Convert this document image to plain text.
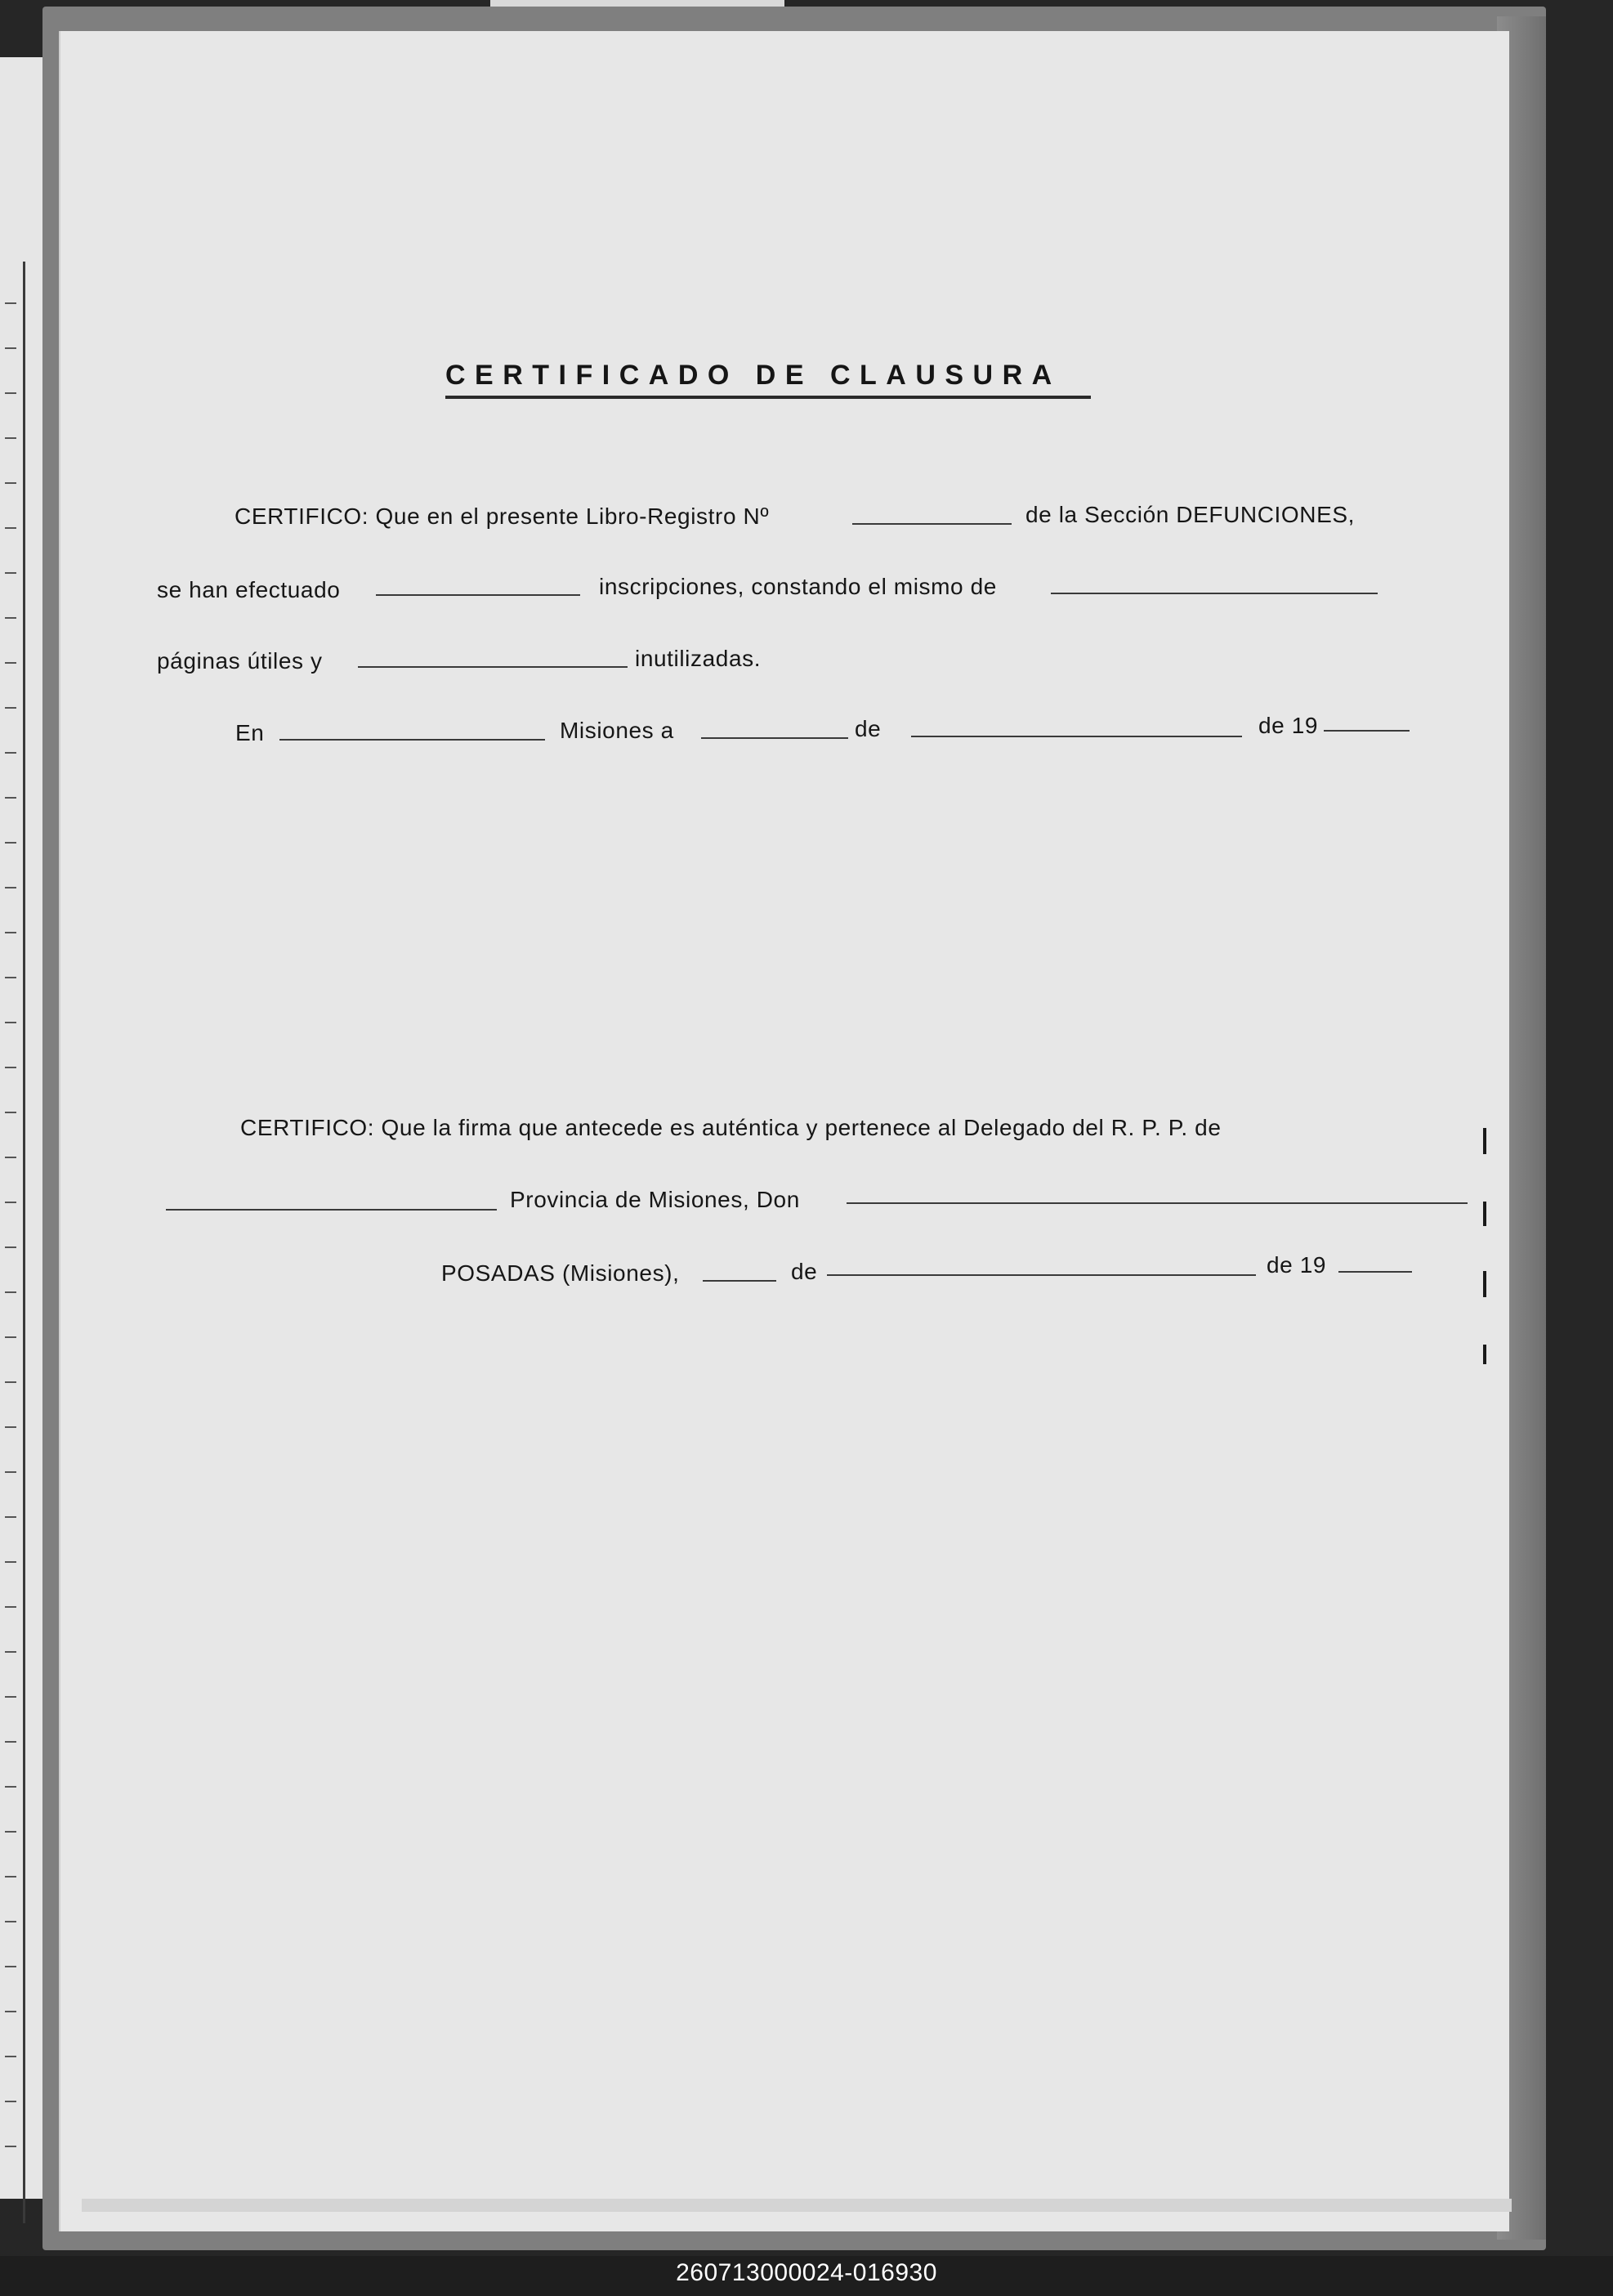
CERTIFICADO DE CLAUSURA
CERTIFICO: Que en el presente Libro-Registro Nº	de la Sección DEFUNCIONES,
se han efectuado	inscripciones, constando el mismo de
páginas útiles y	inutilizadas.
En	Misiones a	de	de 19
CERTIFICO: Que la firma que antecede es auténtica y pertenece al Delegado del R. P. P. de
Provincia de Misiones, Don
POSADAS (Misiones),	de	de 19
260713000024-016930
